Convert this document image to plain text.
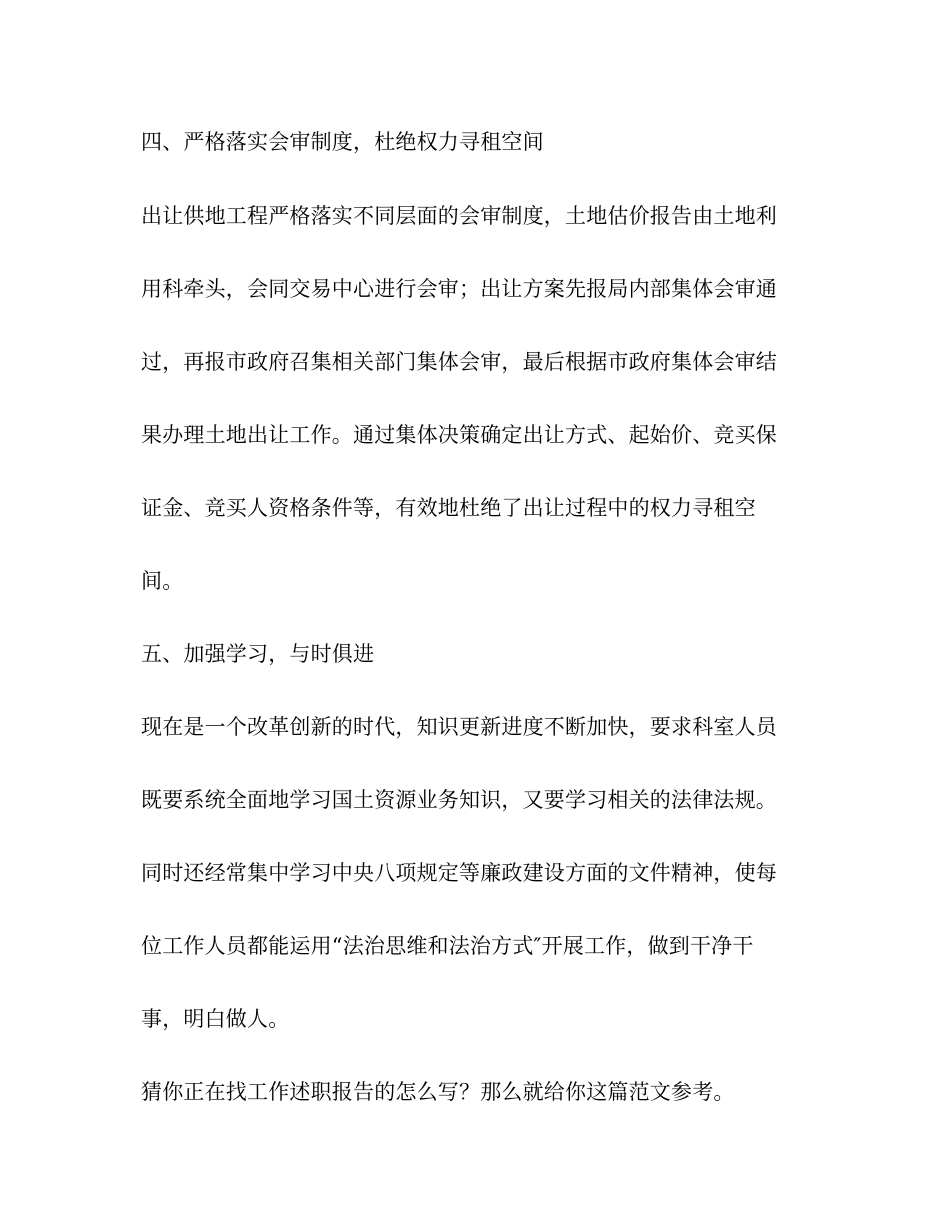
四、严格落实会审制度，杜绝权力寻租空间
出让供地工程严格落实不同层面的会审制度，土地估价报告由土地利
用科牵头，会同交易中心进行会审；出让方案先报局内部集体会审通
过，再报市政府召集相关部门集体会审，最后根据市政府集体会审结
果办理土地出让工作。通过集体决策确定出让方式、起始价、竞买保
证金、竞买人资格条件等，有效地杜绝了出让过程中的权力寻租空
间。
五、加强学习，与时俱进
现在是一个改革创新的时代，知识更新进度不断加快，要求科室人员
既要系统全面地学习国土资源业务知识，又要学习相关的法律法规。
同时还经常集中学习中央八项规定等廉政建设方面的文件精神，使每
位工作人员都能运用“法治思维和法治方式″开展工作，做到干净干
事，明白做人。
猜你正在找工作述职报告的怎么写？那么就给你这篇范文参考。
